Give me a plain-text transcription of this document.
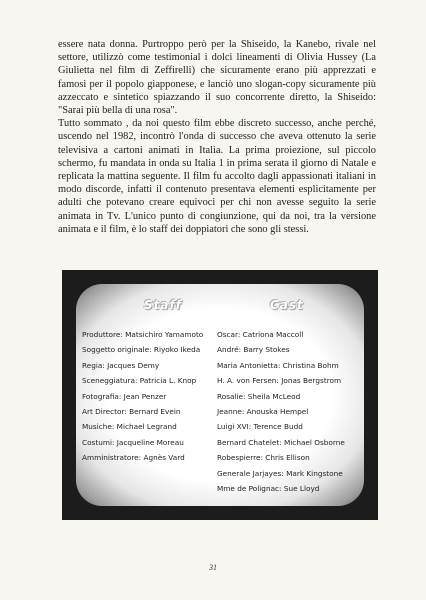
essere nata donna. Purtroppo però per la Shiseido, la Kanebo, rivale nel settore, utilizzò come testimonial i dolci lineamenti di Olivia Hussey (La Giulietta nel film di Zeffirelli) che sicuramente erano più apprezzati e famosi per il popolo giapponese, e lanciò uno slogan-copy sicuramente più azzeccato e sintetico spiazzando il suo concorrente diretto, la Shiseido: "Sarai più bella di una rosa".

Tutto sommato , da noi questo film ebbe discreto successo, anche perché, uscendo nel 1982, incontrò l'onda di successo che aveva ottenuto la serie televisiva a cartoni animati in Italia. La prima proiezione, sul piccolo schermo, fu mandata in onda su Italia 1 in prima serata il giorno di Natale e replicata la mattina seguente. Il film fu accolto dagli appassionati italiani in modo discorde, infatti il contenuto presentava elementi esplicitamente per adulti che potevano creare equivoci per chi non avesse seguito la serie animata in Tv. L'unico punto di congiunzione, qui da noi, tra la versione animata e il film, è lo staff dei doppiatori che sono gli stessi.

Staff	Cast
Produttore: Matsichiro Yamamoto
Soggetto originale: Riyoko Ikeda
Regia: Jacques Demy
Sceneggiatura: Patricia L. Knop
Fotografia: Jean Penzer
Art Director: Bernard Evein
Musiche: Michael Legrand
Costumi: Jacqueline Moreau
Amministratore: Agnès Vard
Oscar: Catriona Maccoll
André: Barry Stokes
Maria Antonietta: Christina Bohm
H. A. von Fersen: Jonas Bergstrom
Rosalie: Sheila McLeod
Jeanne: Anouska Hempel
Luigi XVI: Terence Budd
Bernard Chatelet: Michael Osborne
Robespierre: Chris Ellison
Generale Jarjayes: Mark Kingstone
Mme de Polignac: Sue Lloyd
31
